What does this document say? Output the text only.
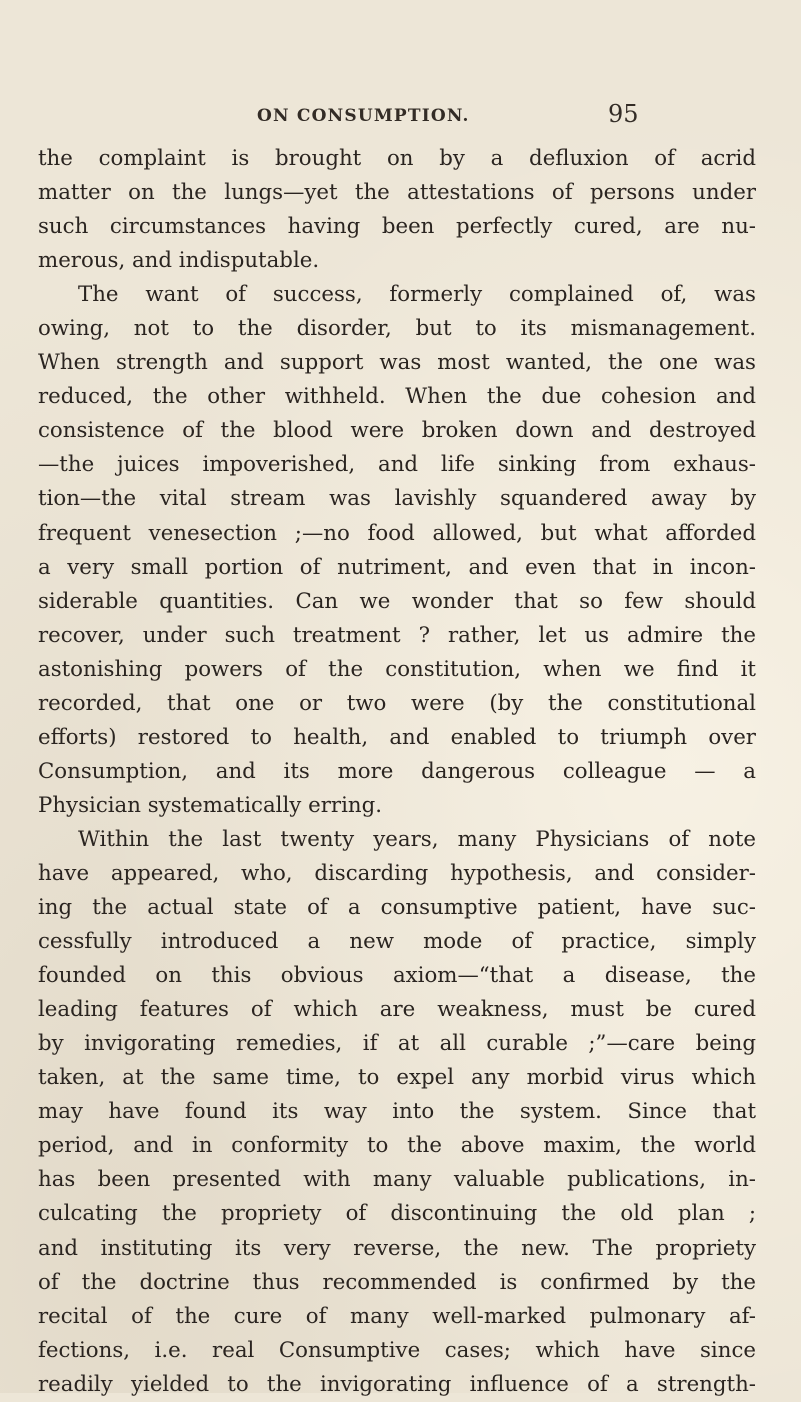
ON CONSUMPTION.	95
the complaint is brought on by a defluxion of acrid
matter on the lungs—yet the attestations of persons under
such circumstances having been perfectly cured, are nu-
merous, and indisputable.
The want of success, formerly complained of, was
owing, not to the disorder, but to its mismanagement.
When strength and support was most wanted, the one was
reduced, the other withheld. When the due cohesion and
consistence of the blood were broken down and destroyed
—the juices impoverished, and life sinking from exhaus-
tion—the vital stream was lavishly squandered away by
frequent venesection ;—no food allowed, but what afforded
a very small portion of nutriment, and even that in incon-
siderable quantities. Can we wonder that so few should
recover, under such treatment ? rather, let us admire the
astonishing powers of the constitution, when we find it
recorded, that one or two were (by the constitutional
efforts) restored to health, and enabled to triumph over
Consumption, and its more dangerous colleague — a
Physician systematically erring.
Within the last twenty years, many Physicians of note
have appeared, who, discarding hypothesis, and consider-
ing the actual state of a consumptive patient, have suc-
cessfully introduced a new mode of practice, simply
founded on this obvious axiom—“that a disease, the
leading features of which are weakness, must be cured
by invigorating remedies, if at all curable ;”—care being
taken, at the same time, to expel any morbid virus which
may have found its way into the system. Since that
period, and in conformity to the above maxim, the world
has been presented with many valuable publications, in-
culcating the propriety of discontinuing the old plan ;
and instituting its very reverse, the new. The propriety
of the doctrine thus recommended is confirmed by the
recital of the cure of many well-marked pulmonary af-
fections, i.e. real Consumptive cases; which have since
readily yielded to the invigorating influence of a strength-
